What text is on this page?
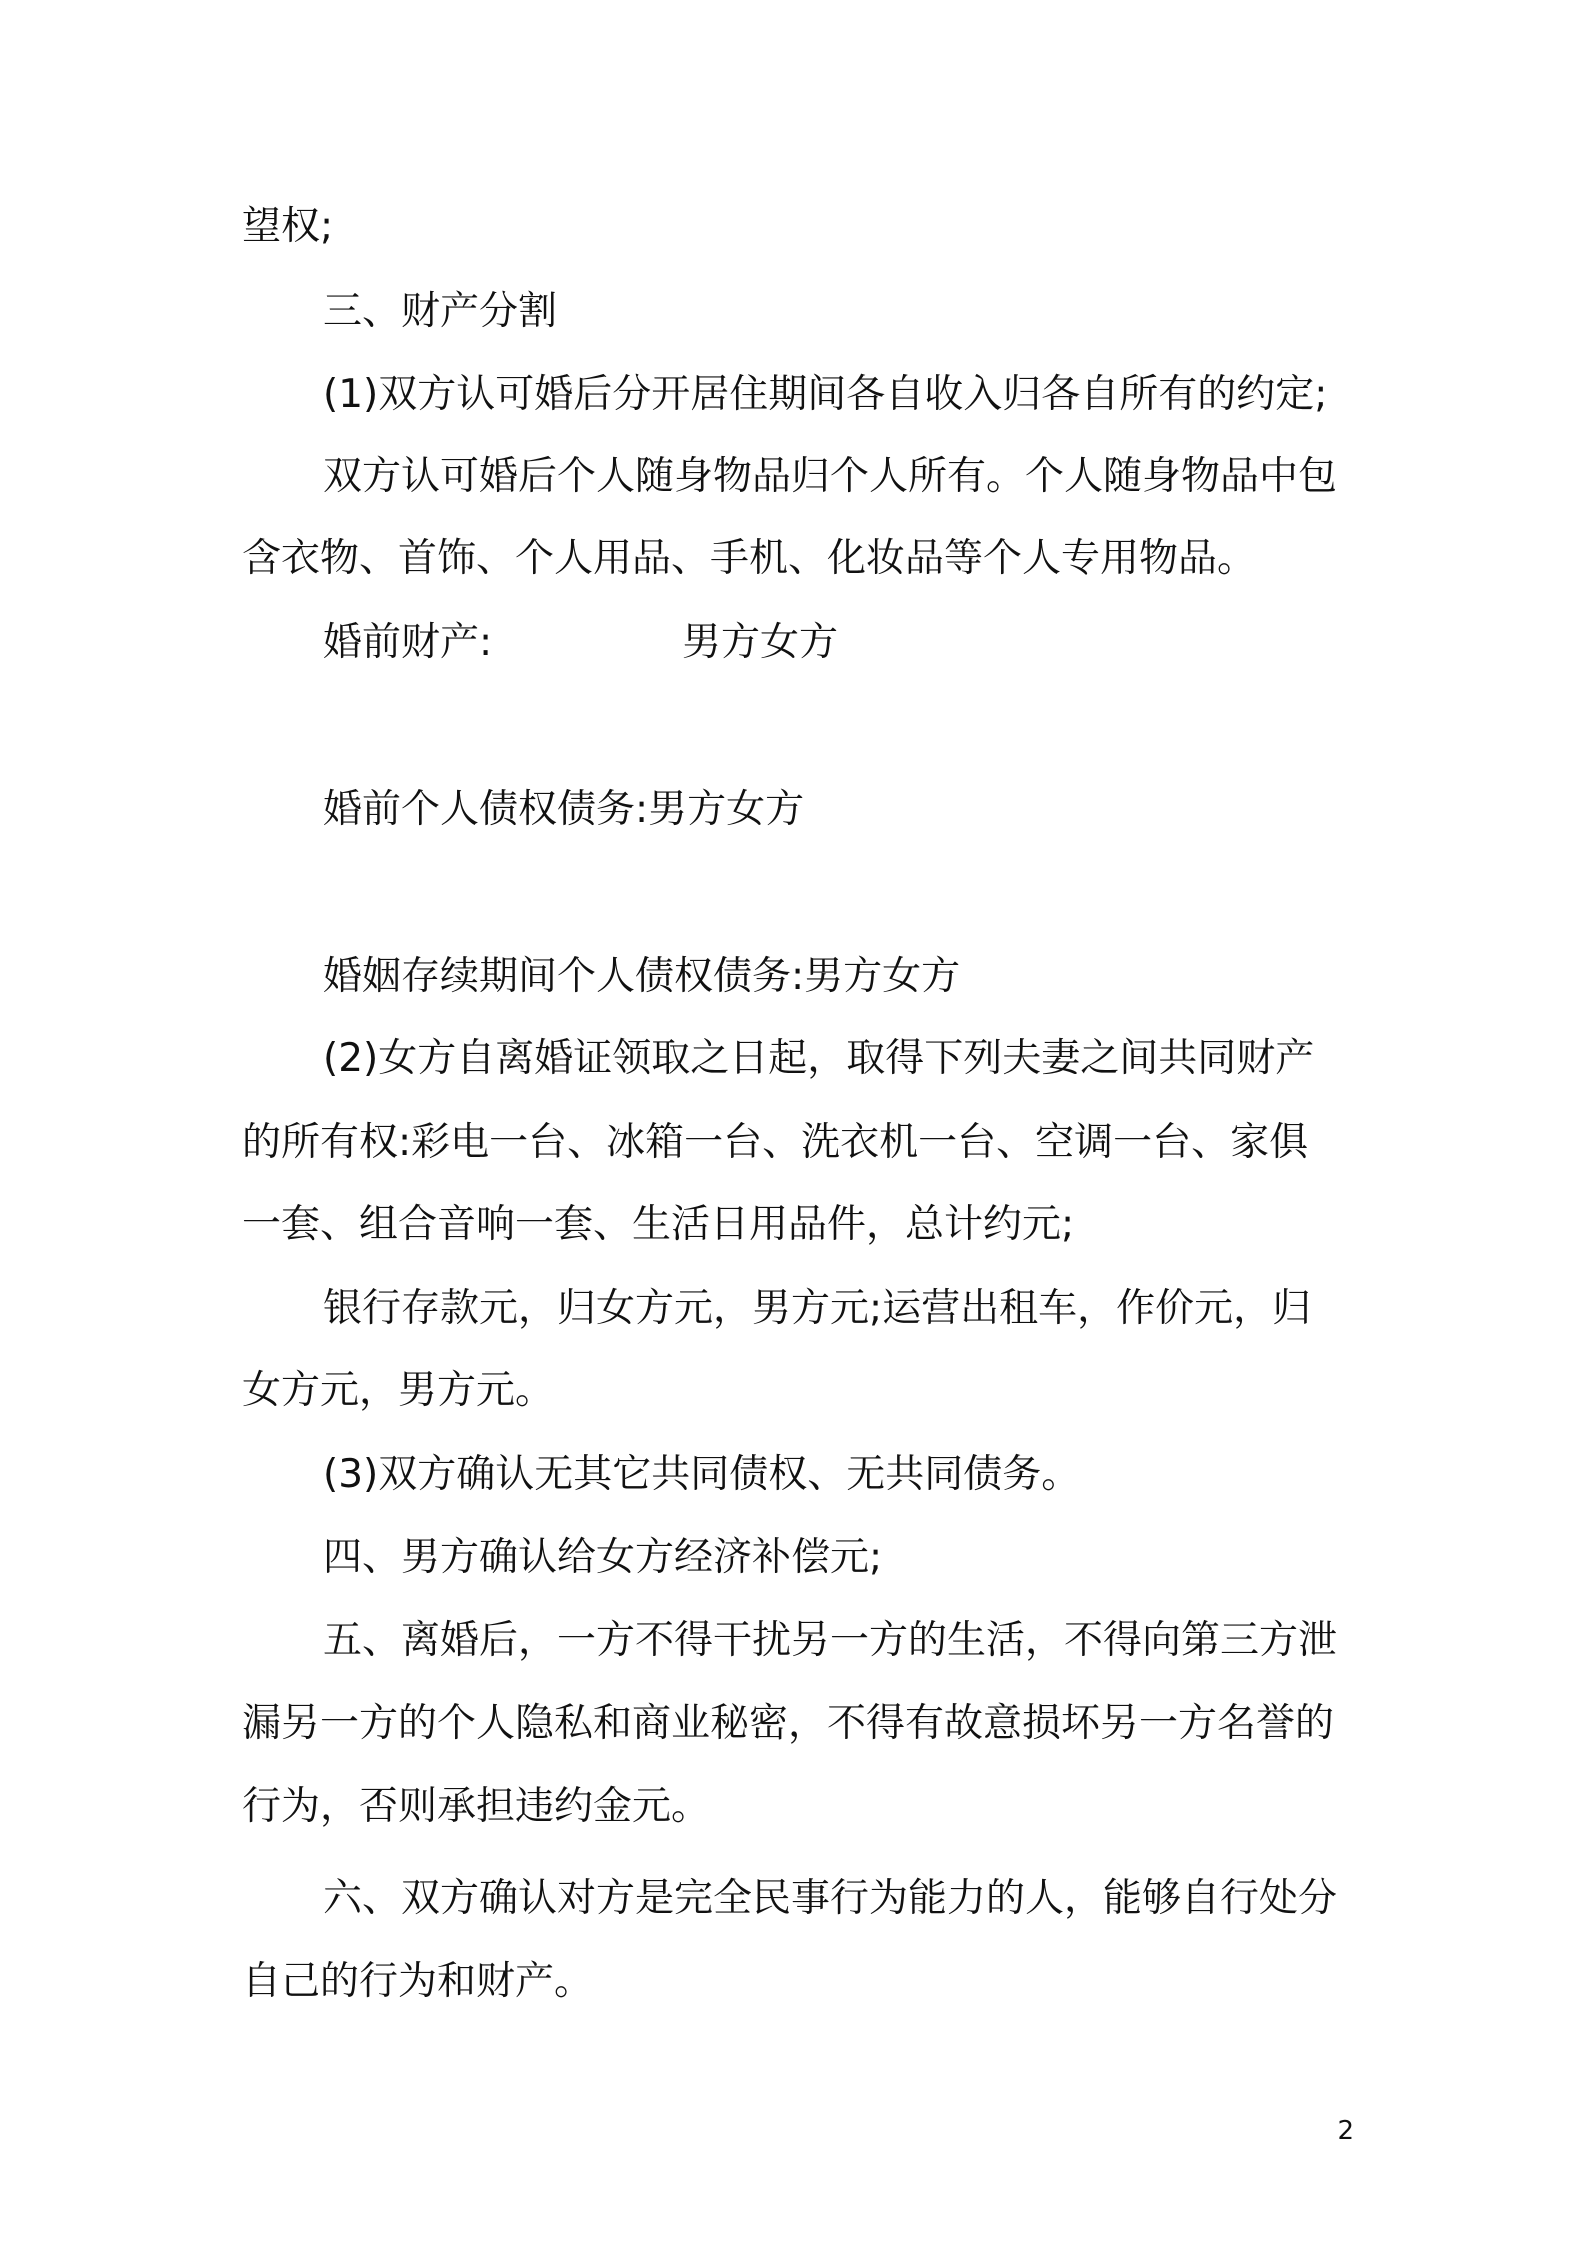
望权;
三、财产分割
(1)双方认可婚后分开居住期间各自收入归各自所有的约定;
双方认可婚后个人随身物品归个人所有。个人随身物品中包
含衣物、首饰、个人用品、手机、化妆品等个人专用物品。
婚前财产:	男方女方
婚前个人债权债务:男方女方
婚姻存续期间个人债权债务:男方女方
(2)女方自离婚证领取之日起，取得下列夫妻之间共同财产
的所有权:彩电一台、冰箱一台、洗衣机一台、空调一台、家俱
一套、组合音响一套、生活日用品件，总计约元;
银行存款元，归女方元，男方元;运营出租车，作价元，归
女方元，男方元。
(3)双方确认无其它共同债权、无共同债务。
四、男方确认给女方经济补偿元;
五、离婚后，一方不得干扰另一方的生活，不得向第三方泄
漏另一方的个人隐私和商业秘密，不得有故意损坏另一方名誉的
行为，否则承担违约金元。
六、双方确认对方是完全民事行为能力的人，能够自行处分
自己的行为和财产。
2
